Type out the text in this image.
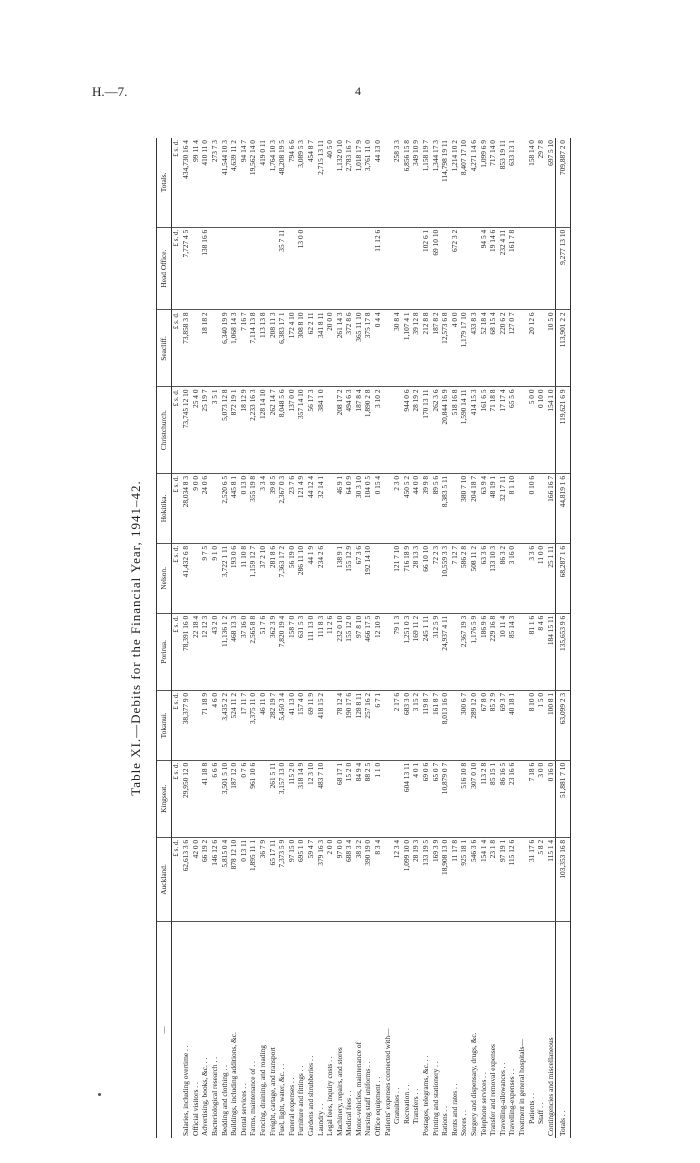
H.—7.	4
Table XI.—Debits for the Financial Year, 1941–42.
—	Auckland.	Kingseat.	Tokanui.	Porirua.	Nelson.	Hokitika.	Christchurch.	Seacliff.	Head Office.	Totals.
	£ s. d.	£ s. d.	£ s. d.	£ s. d.	£ s. d.	£ s. d.	£ s. d.	£ s. d.	£ s. d.	£ s. d.
Salaries, including overtime . .	62,613 3 6	29,950 12 0	38,377 9 0	78,391 16 0	41,432 6 8	28,034 8 3	73,745 12 10	73,858 3 8	7,727 4 5	434,730 16 4
Official visitors . .	42 0 0			22 18 4		9 0 0	25 4 0			99 11 4
Advertising, books, &c. . .	66 19 2	41 18 8	71 18 9	12 12 3	9 7 5	24 0 6	25 19 7	18 18 2	138 16 6	410 11 0
Bacteriological research . .	146 12 6	6 6 6	4 6 0	43 2 0	9 1 0		3 5 1			273 7 3
Bedding and clothing . .	5,815 0 4	3,501 5 10	3,435 2 2	11,136 1 2	3,722 1 11	2,520 6 5	5,073 12 8	6,340 19 9		41,544 10 3
Buildings, including additions, &c.	878 12 10	187 12 0	524 11 2	468 13 3	193 0 6	445 8 1	872 19 1	1,068 14 3		4,639 11 2
Dental services . .	0 13 11	0 7 6	17 11 7	37 16 0	11 10 8	0 13 0	18 12 9	7 16 7		94 14 7
Farms, maintenance of . .	1,895 11 1	961 10 6	3,375 11 0	2,565 8 8	1,159 12 7	355 19 8	2,233 16 3	7,114 13 8		19,562 14 0
Fencing, draining, and roading	36 7 9		46 11 0	51 7 6	37 2 10	3 3 4	128 14 10	113 13 8		419 0 11
Freight, cartage, and transport	65 17 11	261 5 11	282 19 7	362 3 9	281 8 6	39 8 5	262 14 7	208 11 3		1,764 10 3
Fuel, light, water, &c. . .	7,373 5 9	3,157 13 0	5,450 3 4	7,820 19 4	7,363 17 2	2,367 0 3	8,048 5 6	6,383 17 1	35 7 11	48,208 19 5
Funeral expenses . .	97 15 0	115 2 0	41 13 0	158 7 0	56 19 0	23 7 6	137 0 0	172 4 10		794 6 6
Furniture and fittings . .	695 1 0	318 14 9	157 4 0	631 5 3	286 11 10	121 4 9	357 14 10	308 8 10	13 0 0	3,089 5 3
Gardens and shrubberies . .	59 4 7	12 3 10	69 11 9	111 13 0	44 1 9	44 12 4	56 17 3	62 2 11		454 8 7
Laundry . .	379 16 3	483 7 10	418 15 2	111 8 3	234 2 6	32 14 1	384 1 0	341 8 11		2,715 13 11
Legal fees, inquiry costs . .	2 0 0			11 2 6				20 0 0		40 5 0
Machinery, repairs, and stores	97 0 0	68 17 1	78 12 4	232 0 10	138 9 1	46 9 1	208 17 2	261 14 3		1,132 0 10
Medical fees . .	688 3 4	15 2 0	190 17 6	155 12 0	155 12 9	64 0 9	494 6 3	372 8 6		2,783 16 7
Motor-vehicles, maintenance of	38 3 2	84 9 4	128 8 11	97 8 10	67 3 6	30 3 10	187 8 4	365 11 10		1,018 17 9
Nursing staff uniforms . .	390 19 0	88 2 5	257 16 2	466 17 5	192 14 10	104 0 5	1,890 2 8	375 17 8		3,761 11 0
Office equipment . .	8 3 4	1 1 0	6 7 1	12 10 9		0 15 4	3 10 2	0 4 4	11 12 6	44 13 0
Patients' expenses connected with—										
Gratuities . .	12 3 4		2 17 6	79 1 3	121 7 10	2 3 0		30 8 4		258 3 3
Recreation . .	1,099 10 0	604 13 11	683 3 0	1,251 0 3	716 18 9	450 5 2	944 0 6	1,107 4 1		6,856 15 8
Transfers . .	28 19 3	4 0 1	3 15 2	169 11 2	28 13 3	44 0 0	28 19 2	39 12 8		349 10 9
Postages, telegrams, &c. . .	133 19 5	69 0 6	119 8 7	245 1 11	66 10 10	39 9 8	170 13 11	212 8 8	102 6 1	1,158 19 7
Printing and stationery . .	169 3 9	65 0 7	161 8 7	312 5 9	72 2 3	89 5 6	262 3 6	187 8 2	69 10 10	1,344 17 3
Rations . .	18,908 13 0	10,879 0 7	8,013 16 0	24,937 4 11	10,559 3 3	8,383 5 11	20,844 16 9	12,573 6 8		114,798 19 11
Rents and rates . .	11 17 8				7 12 7		518 16 8	4 0 0	672 3 2	1,214 10 2
Stores . .	925 18 1	516 10 8	300 6 7	2,367 19 3	586 2 8	380 7 10	1,590 14 11	1,179 17 10		8,407 17 10
Surgery and dispensary, drugs, &c.	546 3 6	307 0 10	289 12 0	1,176 5 9	508 11 2	204 18 7	414 15 3	433 8 3		4,271 14 6
Telephone services . .	154 1 4	113 2 8	67 8 0	186 9 6	63 3 6	63 9 4	161 6 5	52 18 4	94 5 4	1,099 6 9
Transfer and removal expenses	23 1 8	85 15 1	85 2 9	229 16 8	133 10 3	48 19 1	71 18 8	68 15 4	19 14 6	717 14 0
Travelling-allowances . .	97 19 1	86 16 5	69 3 7	10 11 4	86 3 2	32 17 11	17 17 4	220 6 2	232 4 11	853 19 11
Travelling-expenses . .	115 12 6	23 16 6	40 18 1	85 14 3	3 16 0	8 1 10	65 5 6	127 0 7	161 7 8	633 13 1
Treatment in general hospitals—										
Patients . .	31 17 6	7 18 6	8 10 0	81 1 6	3 3 6	0 10 6	5 0 0	20 12 6		158 14 0
Staff . .	5 8 2	3 0 0	1 5 0	8 4 6	11 0 0		0 10 0			29 7 8
Contingencies and miscellaneous	115 1 4	0 16 0	100 8 1	184 15 11	25 1 11	166 16 7	154 1 0	10 5 0		697 5 10
Totals . .	103,353 16 8	51,881 7 10	63,099 2 3	135,653 9 6	68,287 1 6	44,819 1 6	119,621 6 9	113,901 2 2	9,277 13 10	709,887 2 0
